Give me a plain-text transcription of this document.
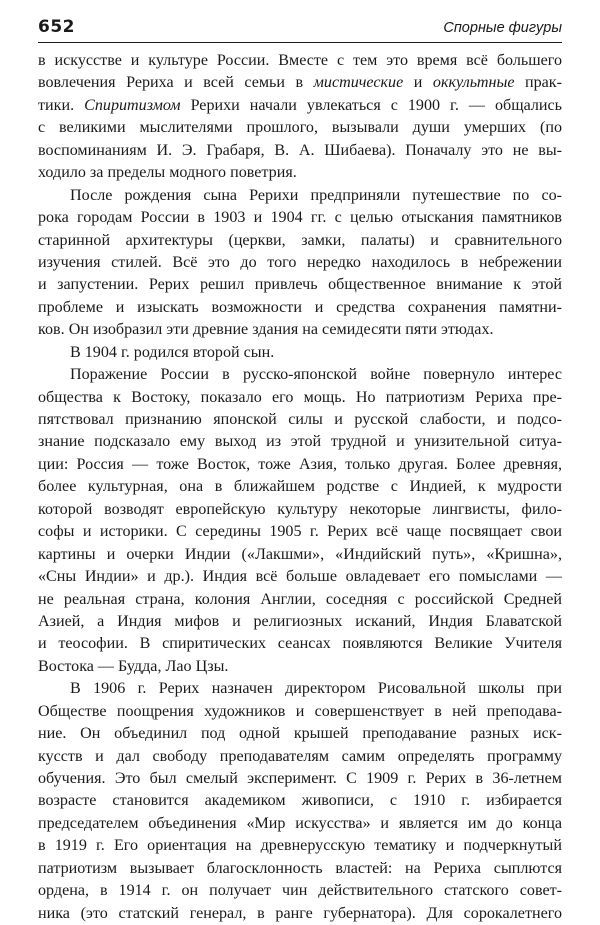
652	Спорные фигуры
в искусстве и культуре России. Вместе с тем это время всё большего
вовлечения Рериха и всей семьи в мистические и оккультные прак-
тики. Спиритизмом Рерихи начали увлекаться с 1900 г. — общались
с великими мыслителями прошлого, вызывали души умерших (по
воспоминаниям И. Э. Грабаря, В. А. Шибаева). Поначалу это не вы-
ходило за пределы модного поветрия.
После рождения сына Рерихи предприняли путешествие по со-
рока городам России в 1903 и 1904 гг. с целью отыскания памятников
старинной архитектуры (церкви, замки, палаты) и сравнительного
изучения стилей. Всё это до того нередко находилось в небрежении
и запустении. Рерих решил привлечь общественное внимание к этой
проблеме и изыскать возможности и средства сохранения памятни-
ков. Он изобразил эти древние здания на семидесяти пяти этюдах.
В 1904 г. родился второй сын.
Поражение России в русско-японской войне повернуло интерес
общества к Востоку, показало его мощь. Но патриотизм Рериха пре-
пятствовал признанию японской силы и русской слабости, и подсо-
знание подсказало ему выход из этой трудной и унизительной ситуа-
ции: Россия — тоже Восток, тоже Азия, только другая. Более древняя,
более культурная, она в ближайшем родстве с Индией, к мудрости
которой возводят европейскую культуру некоторые лингвисты, фило-
софы и историки. С середины 1905 г. Рерих всё чаще посвящает свои
картины и очерки Индии («Лакшми», «Индийский путь», «Кришна»,
«Сны Индии» и др.). Индия всё больше овладевает его помыслами —
не реальная страна, колония Англии, соседняя с российской Средней
Азией, а Индия мифов и религиозных исканий, Индия Блаватской
и теософии. В спиритических сеансах появляются Великие Учителя
Востока — Будда, Лао Цзы.
В 1906 г. Рерих назначен директором Рисовальной школы при
Обществе поощрения художников и совершенствует в ней преподава-
ние. Он объединил под одной крышей преподавание разных иск-
куcств и дал свободу преподавателям самим определять программу
обучения. Это был смелый эксперимент. С 1909 г. Рерих в 36-летнем
возрасте становится академиком живописи, с 1910 г. избирается
председателем объединения «Мир искусства» и является им до конца
в 1919 г. Его ориентация на древнерусскую тематику и подчеркнутый
патриотизм вызывает благосклонность властей: на Рериха сыплются
ордена, в 1914 г. он получает чин действительного статского совет-
ника (это статский генерал, в ранге губернатора). Для сорокалетнего
